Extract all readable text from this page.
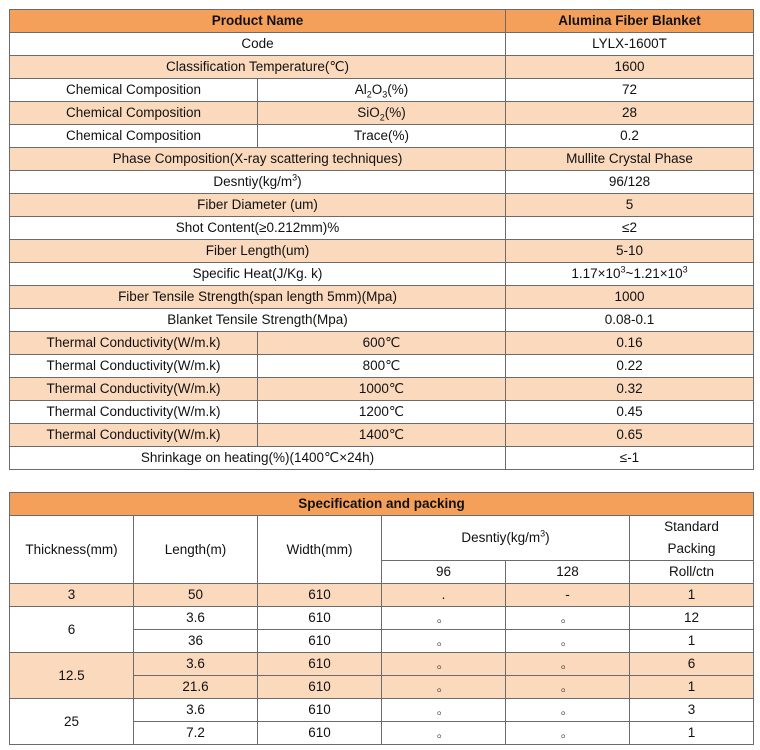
Product Name		Alumina Fiber Blanket
Code		LYLX-1600T
Classification Temperature(℃)		1600
Chemical Composition	$Al_2O_3(\%)$	72
Chemical Composition	SiO$_2$(%)	28
Chemical Composition	Trace(%)	0.2
Phase Composition(X-ray scattering techniques)		Mullite Crystal Phase
$Desntiy(kg/m^3)$		96/128
Fiber Diameter (um)		5
Shot Content(≥0.212mm)%		≤2
Fiber Length(um)		5-10
Specific Heat(J/Kg. k)		$1.17\times 10^3\sim 1.21\times 10^3$
Fiber Tensile Strength(span length 5mm)(Mpa)		1000
Blanket Tensile Strength(Mpa)		0.08-0.1
Thermal Conductivity(W/m.k)	600℃	0.16
Thermal Conductivity(W/m.k)	800℃	0.22
Thermal Conductivity(W/m.k)	1000℃	0.32
Thermal Conductivity(W/m.k)	1200℃	0.45
Thermal Conductivity(W/m.k)	1400℃	0.65
Shrinkage on heating(%)(1400℃×24h)		≤-1
Specification and packing					
Thickness(mm)	Length(m)	Width(mm)	$Desntiy(kg/m^3)$		Standard
Packing
			96	128	Roll/ctn
3	50	610	.	-	1
6	3.6	610	。	。	12
	36	610	。	。	1
12.5	3.6	610	。	。	6
	21.6	610	。	。	1
25	3.6	610	。	。	3
	7.2	610	。	。	1
